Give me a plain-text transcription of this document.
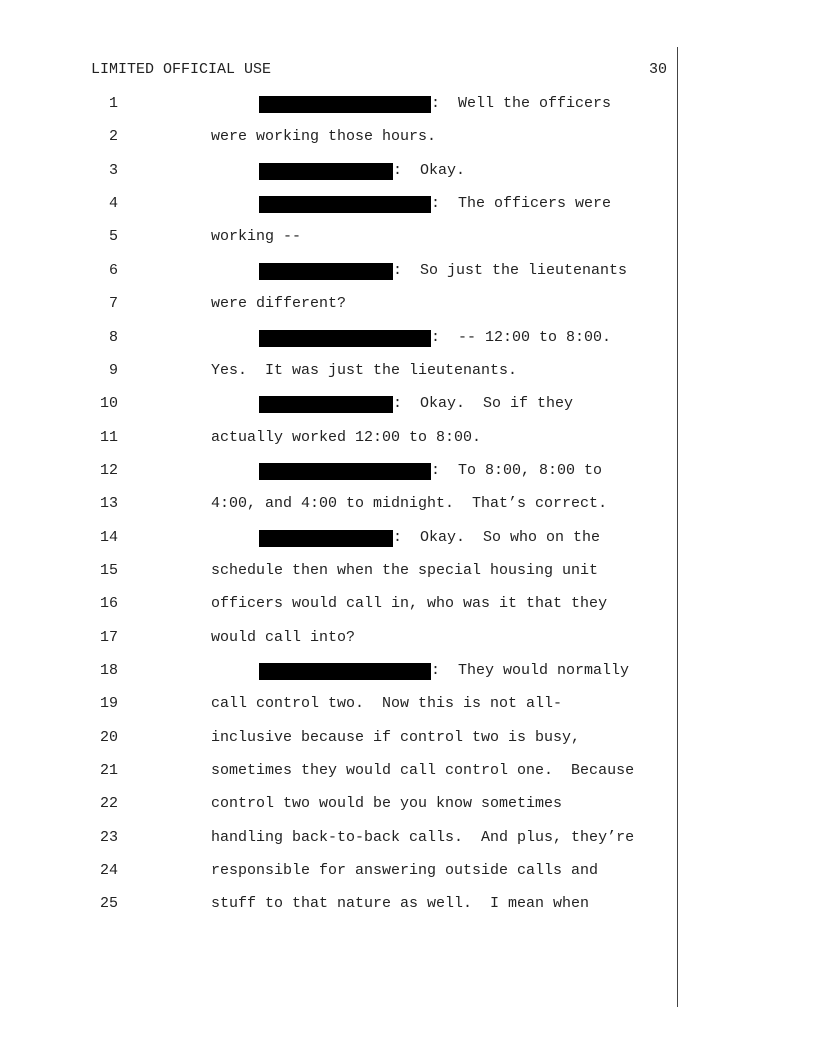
LIMITED OFFICIAL USE	30
1	:  Well the officers
2	were working those hours.
3	:  Okay.
4	:  The officers were
5	working --
6	:  So just the lieutenants
7	were different?
8	:  -- 12:00 to 8:00.
9	Yes.  It was just the lieutenants.
10	:  Okay.  So if they
11	actually worked 12:00 to 8:00.
12	:  To 8:00, 8:00 to
13	4:00, and 4:00 to midnight.  That’s correct.
14	:  Okay.  So who on the
15	schedule then when the special housing unit
16	officers would call in, who was it that they
17	would call into?
18	:  They would normally
19	call control two.  Now this is not all-
20	inclusive because if control two is busy,
21	sometimes they would call control one.  Because
22	control two would be you know sometimes
23	handling back-to-back calls.  And plus, they’re
24	responsible for answering outside calls and
25	stuff to that nature as well.  I mean when
